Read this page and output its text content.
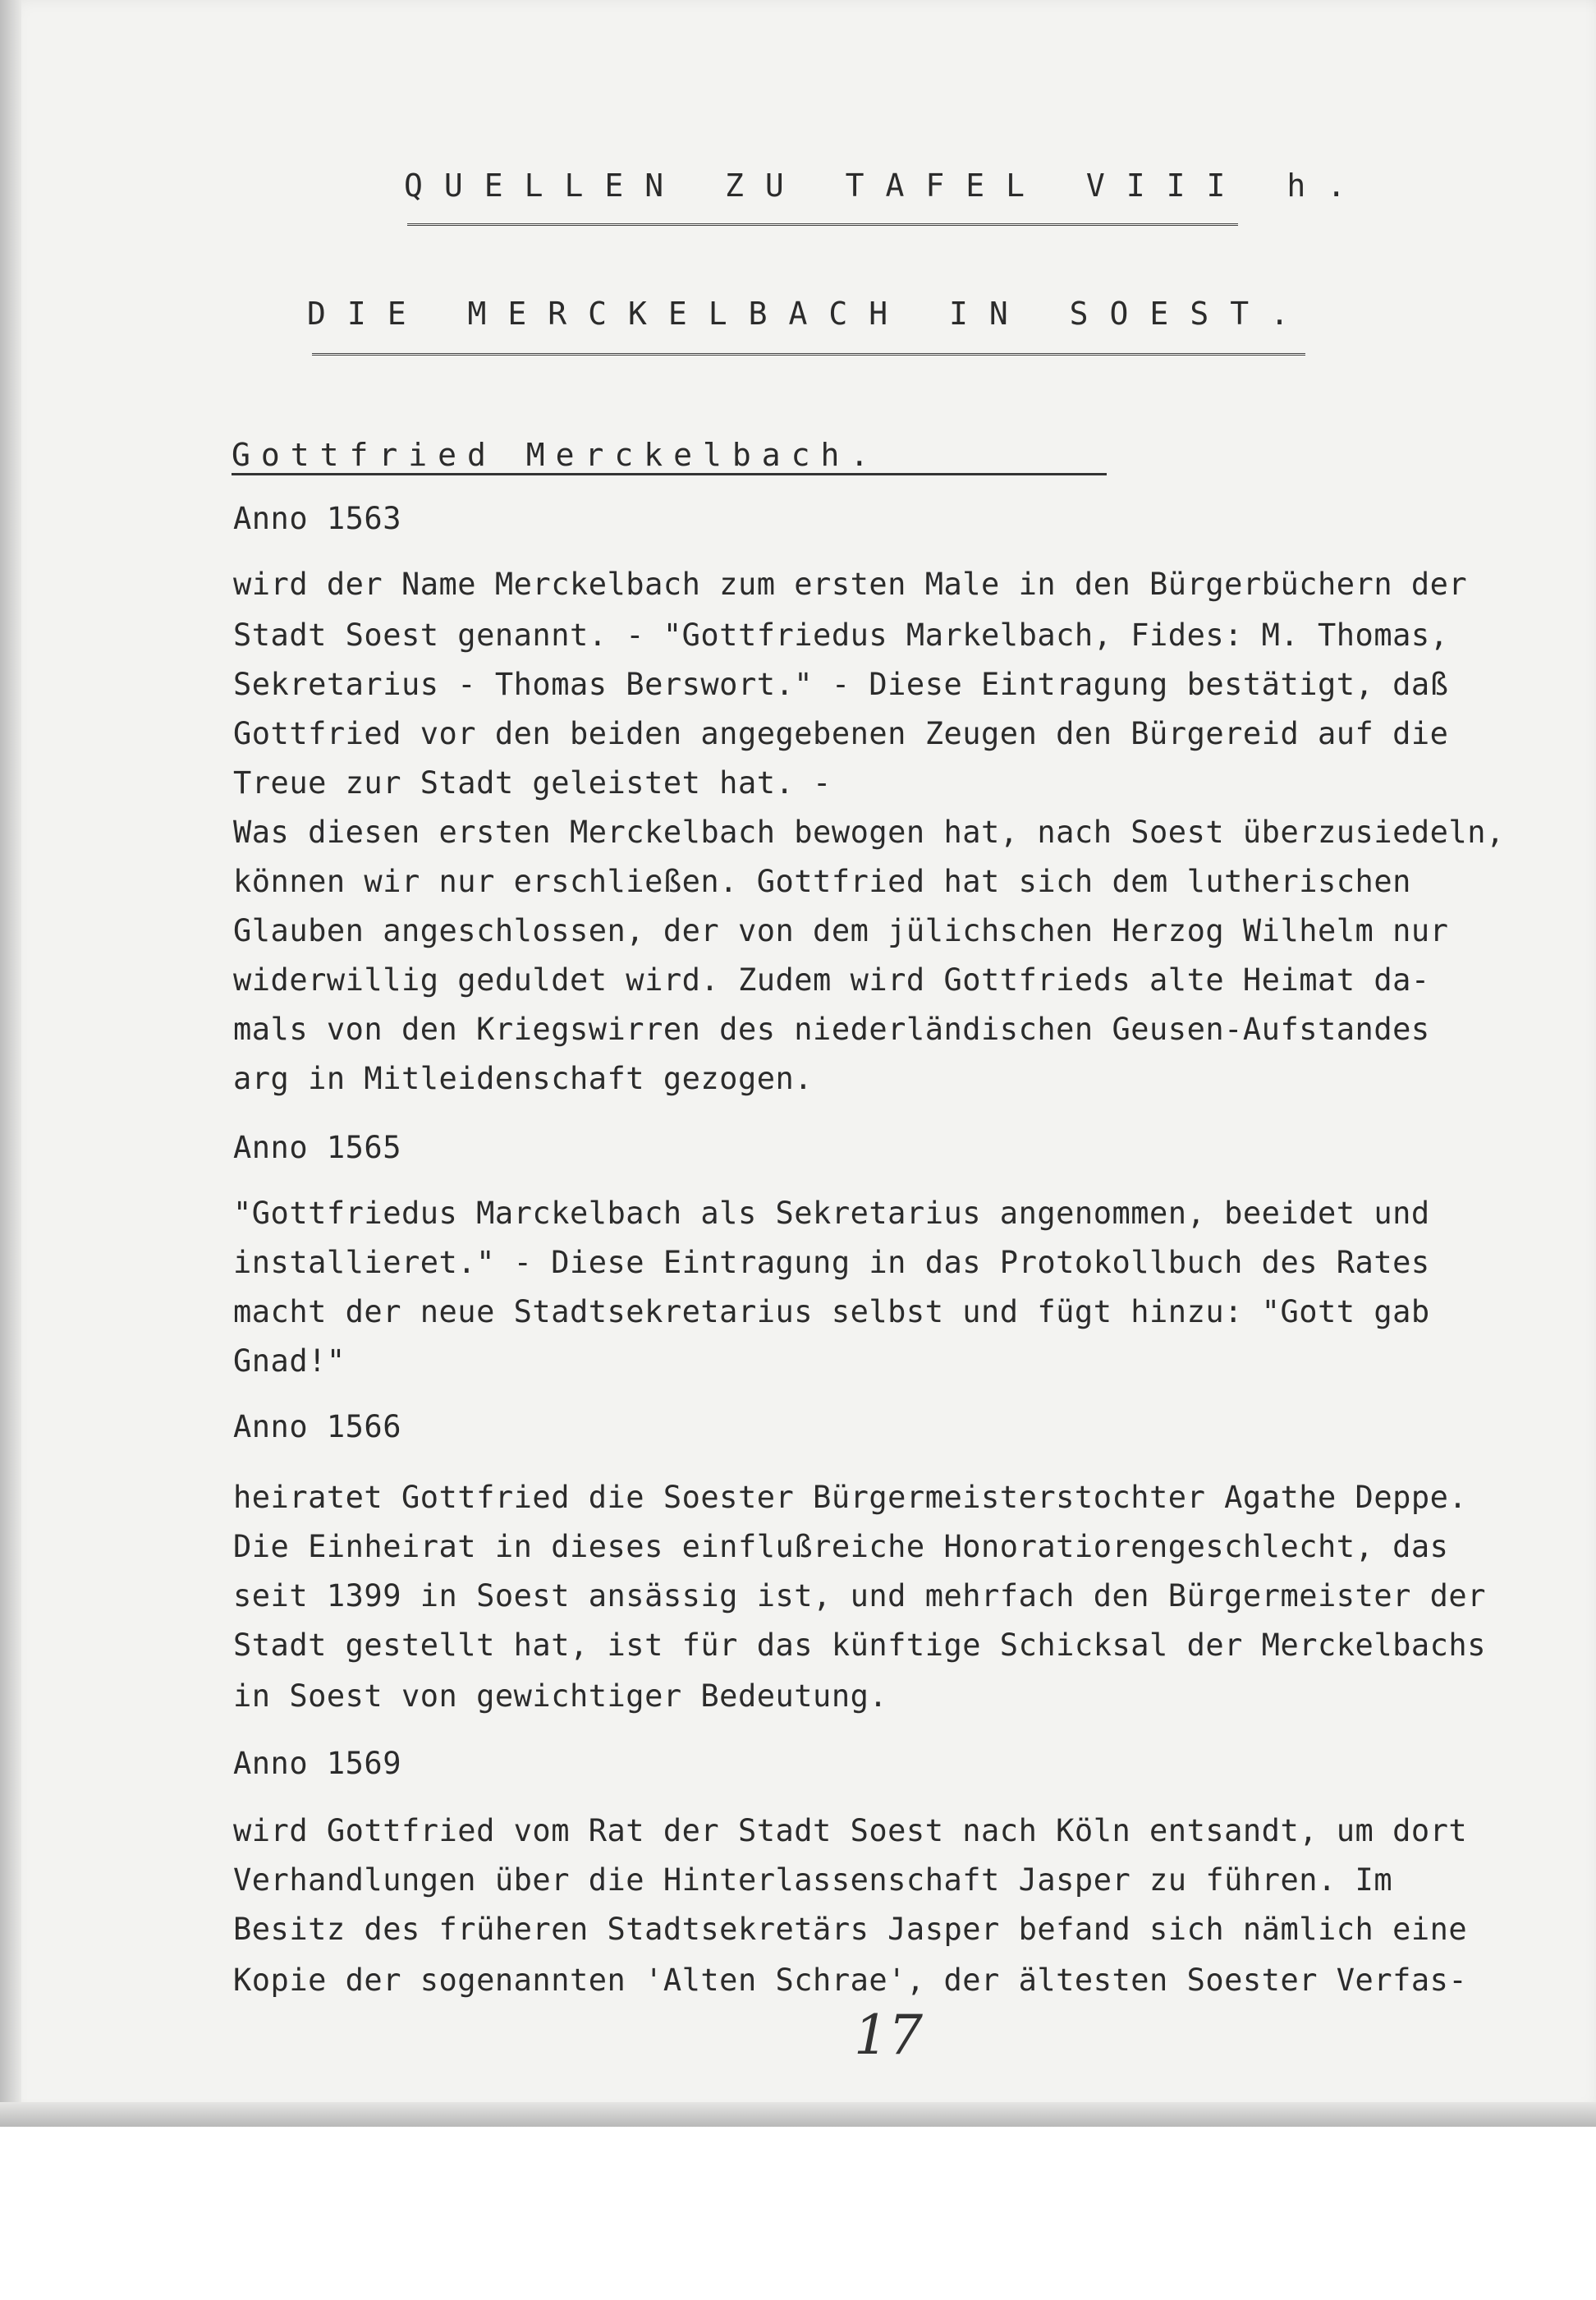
QUELLEN ZU TAFEL VIII h.
DIE MERCKELBACH IN SOEST.
Gottfried Merckelbach.
Anno 1563
wird der Name Merckelbach zum ersten Male in den Bürgerbüchern der
Stadt Soest genannt. - "Gottfriedus Markelbach, Fides: M. Thomas,
Sekretarius - Thomas Berswort." - Diese Eintragung bestätigt, daß
Gottfried vor den beiden angegebenen Zeugen den Bürgereid auf die
Treue zur Stadt geleistet hat. -
Was diesen ersten Merckelbach bewogen hat, nach Soest überzusiedeln,
können wir nur erschließen. Gottfried hat sich dem lutherischen
Glauben angeschlossen, der von dem jülichschen Herzog Wilhelm nur
widerwillig geduldet wird. Zudem wird Gottfrieds alte Heimat da-
mals von den Kriegswirren des niederländischen Geusen-Aufstandes
arg in Mitleidenschaft gezogen.
Anno 1565
"Gottfriedus Marckelbach als Sekretarius angenommen, beeidet und
installieret." - Diese Eintragung in das Protokollbuch des Rates
macht der neue Stadtsekretarius selbst und fügt hinzu: "Gott gab
Gnad!"
Anno 1566
heiratet Gottfried die Soester Bürgermeisterstochter Agathe Deppe.
Die Einheirat in dieses einflußreiche Honoratiorengeschlecht, das
seit 1399 in Soest ansässig ist, und mehrfach den Bürgermeister der
Stadt gestellt hat, ist für das künftige Schicksal der Merckelbachs
in Soest von gewichtiger Bedeutung.
Anno 1569
wird Gottfried vom Rat der Stadt Soest nach Köln entsandt, um dort
Verhandlungen über die Hinterlassenschaft Jasper zu führen. Im
Besitz des früheren Stadtsekretärs Jasper befand sich nämlich eine
Kopie der sogenannten 'Alten Schrae', der ältesten Soester Verfas-
17
